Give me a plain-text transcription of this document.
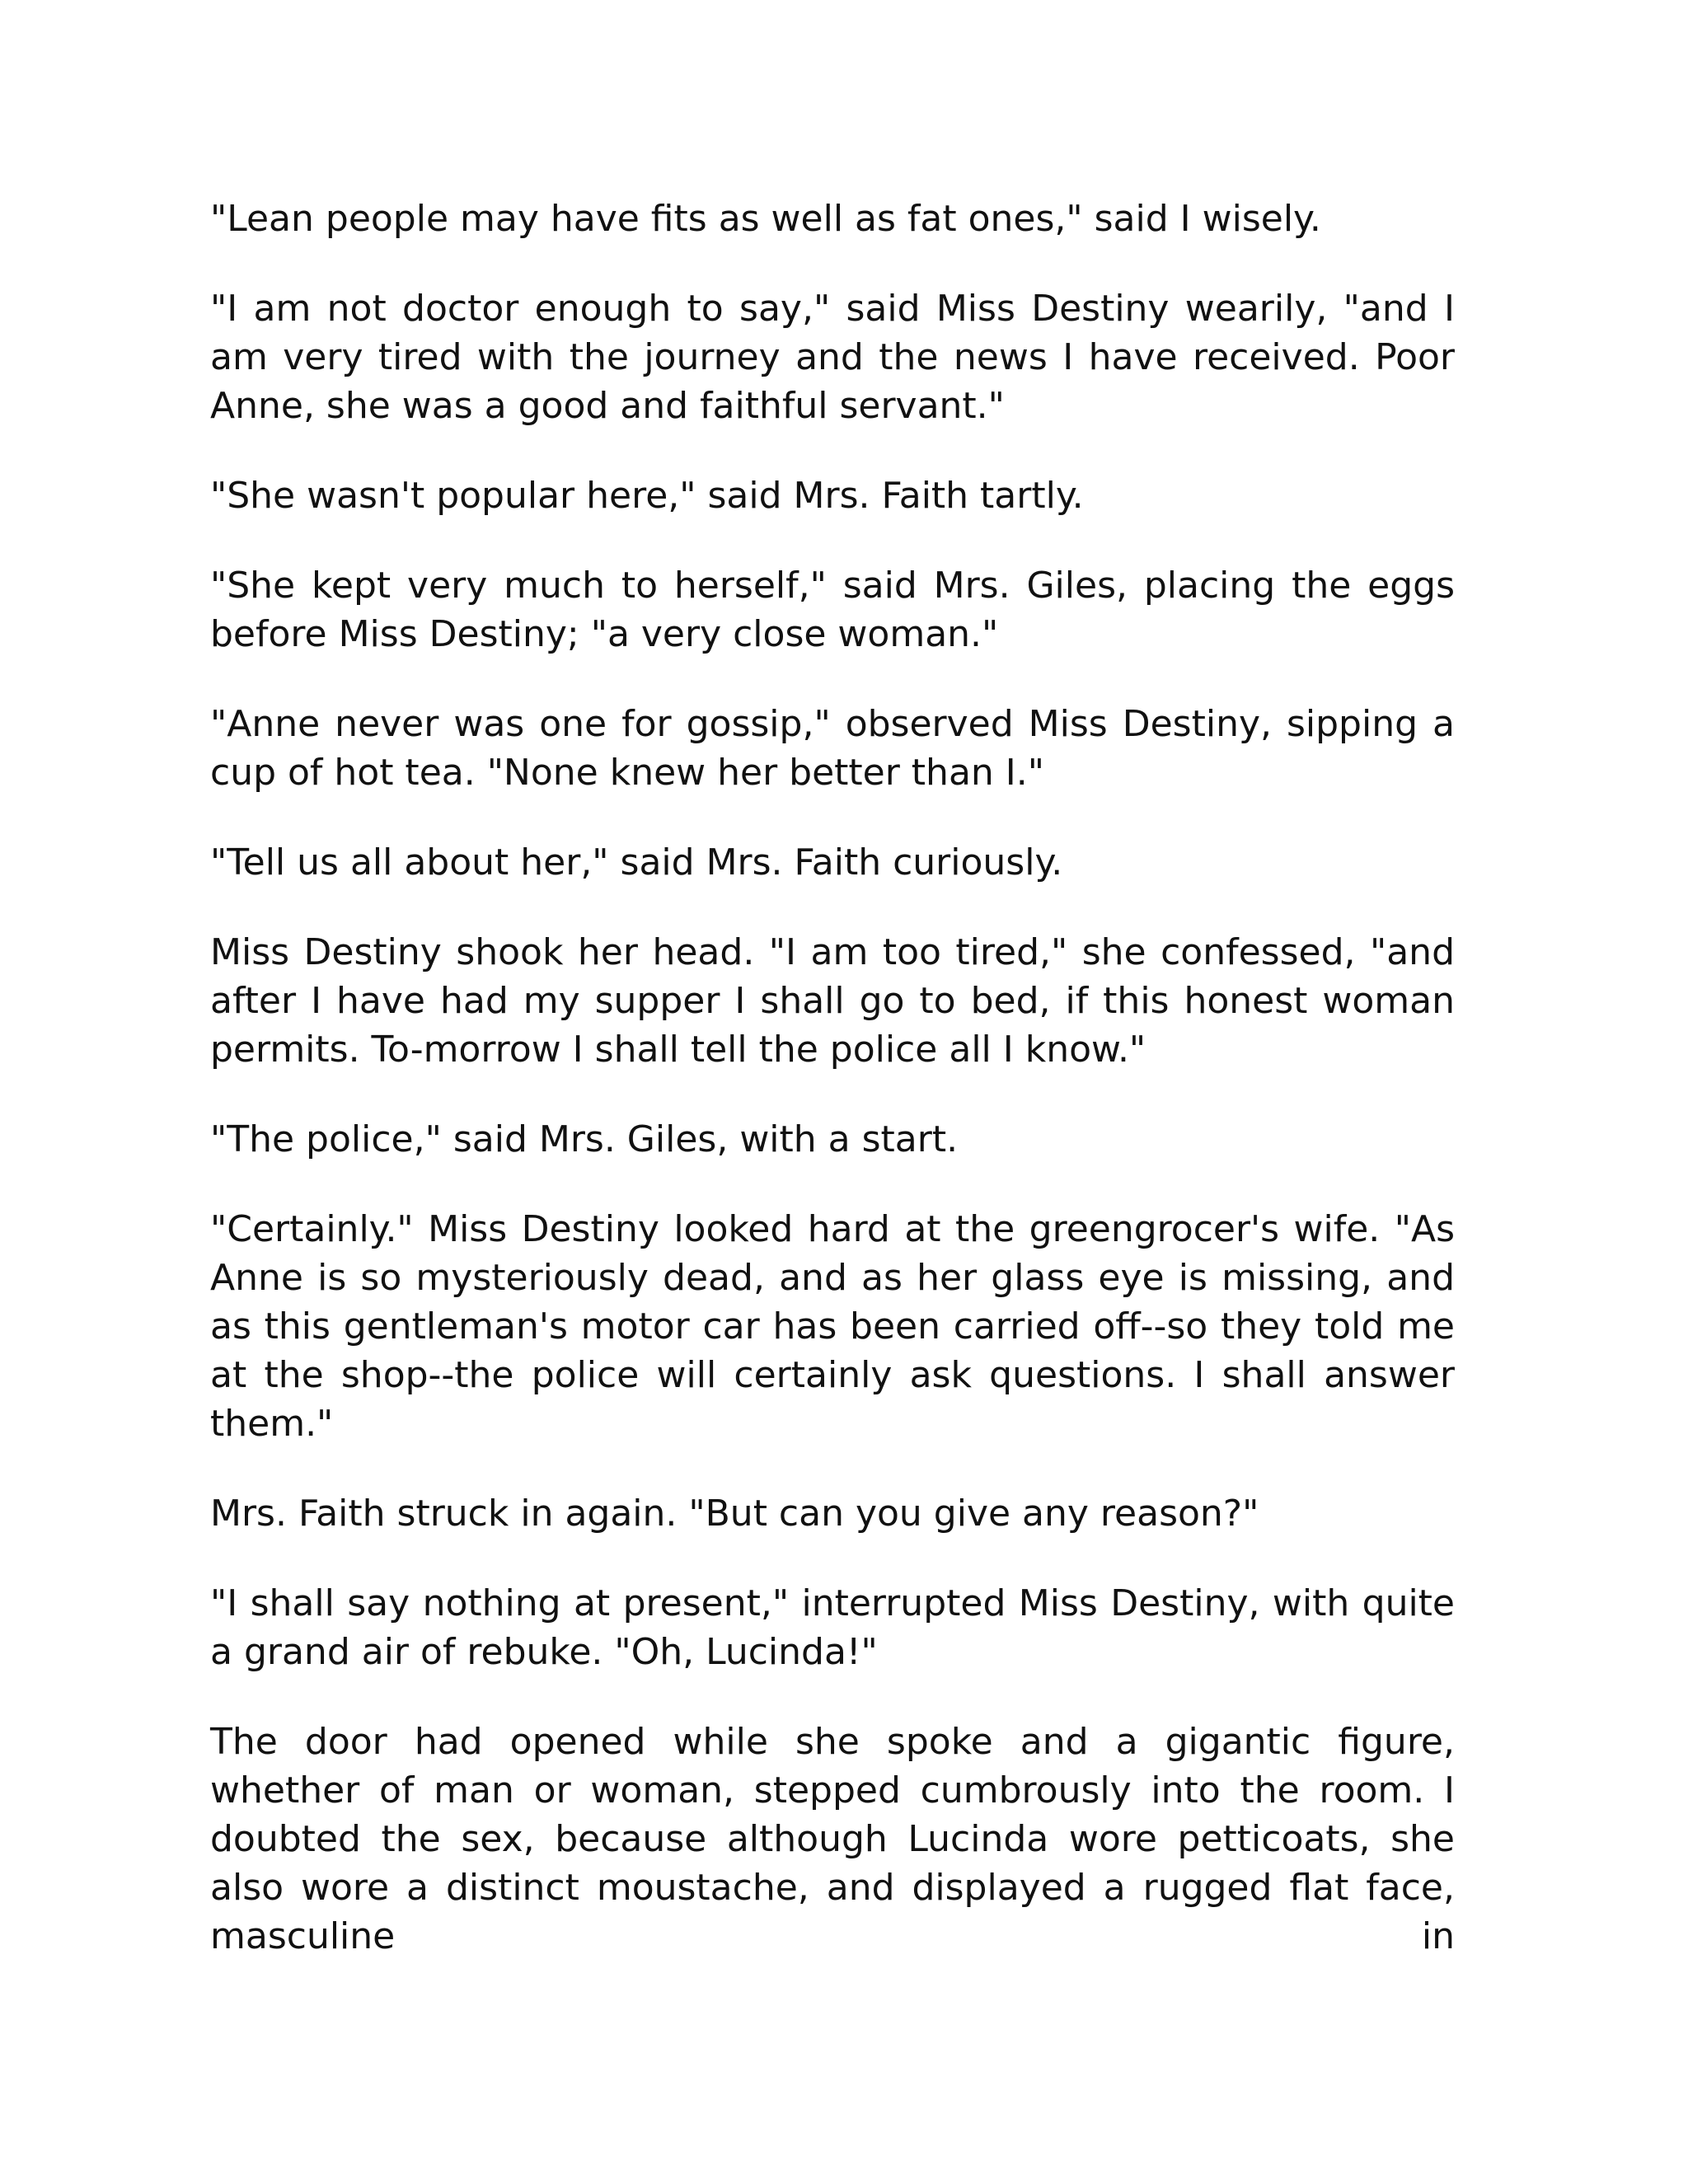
"Lean people may have fits as well as fat ones," said I wisely.

"I am not doctor enough to say," said Miss Destiny wearily, "and I am very tired with the journey and the news I have received. Poor Anne, she was a good and faithful servant."

"She wasn't popular here," said Mrs. Faith tartly.

"She kept very much to herself," said Mrs. Giles, placing the eggs before Miss Destiny; "a very close woman."

"Anne never was one for gossip," observed Miss Destiny, sipping a cup of hot tea. "None knew her better than I."

"Tell us all about her," said Mrs. Faith curiously.

Miss Destiny shook her head. "I am too tired," she confessed, "and after I have had my supper I shall go to bed, if this honest woman permits. To-morrow I shall tell the police all I know."

"The police," said Mrs. Giles, with a start.

"Certainly." Miss Destiny looked hard at the greengrocer's wife. "As Anne is so mysteriously dead, and as her glass eye is missing, and as this gentleman's motor car has been carried off--so they told me at the shop--the police will certainly ask questions. I shall answer them."

Mrs. Faith struck in again. "But can you give any reason?"

"I shall say nothing at present," interrupted Miss Destiny, with quite a grand air of rebuke. "Oh, Lucinda!"

The door had opened while she spoke and a gigantic figure, whether of man or woman, stepped cumbrously into the room. I doubted the sex, because although Lucinda wore petticoats, she also wore a distinct moustache, and displayed a rugged flat face, masculine in
